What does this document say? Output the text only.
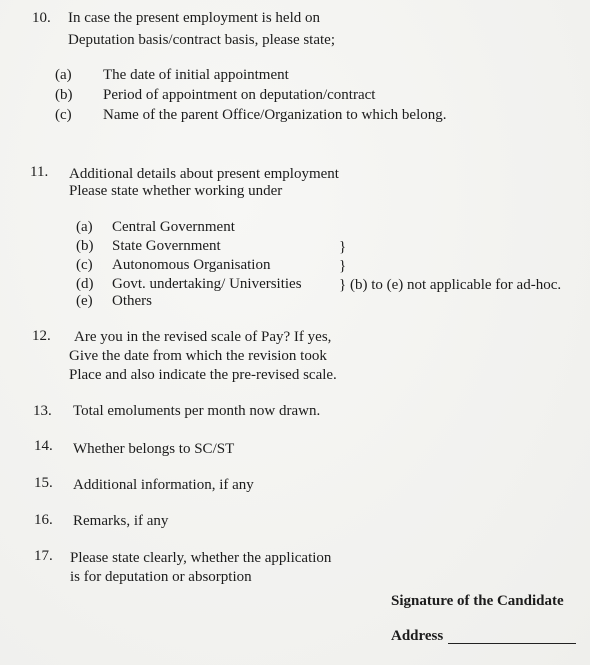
10. In case the present employment is held on
Deputation basis/contract basis, please state;
(a) The date of initial appointment
(b) Period of appointment on deputation/contract
(c) Name of the parent Office/Organization to which belong.
11. Additional details about present employment
Please state whether working under
(a) Central Government
(b) State Government
(c) Autonomous Organisation
(d) Govt. undertaking/ Universities
(e) Others
}
}
} (b) to (e) not applicable for ad-hoc.
12. Are you in the revised scale of Pay? If yes,
Give the date from which the revision took
Place and also indicate the pre-revised scale.
13. Total emoluments per month now drawn.
14. Whether belongs to SC/ST
15. Additional information, if any
16. Remarks, if any
17. Please state clearly, whether the application
is for deputation or absorption
Signature of the Candidate
Address
